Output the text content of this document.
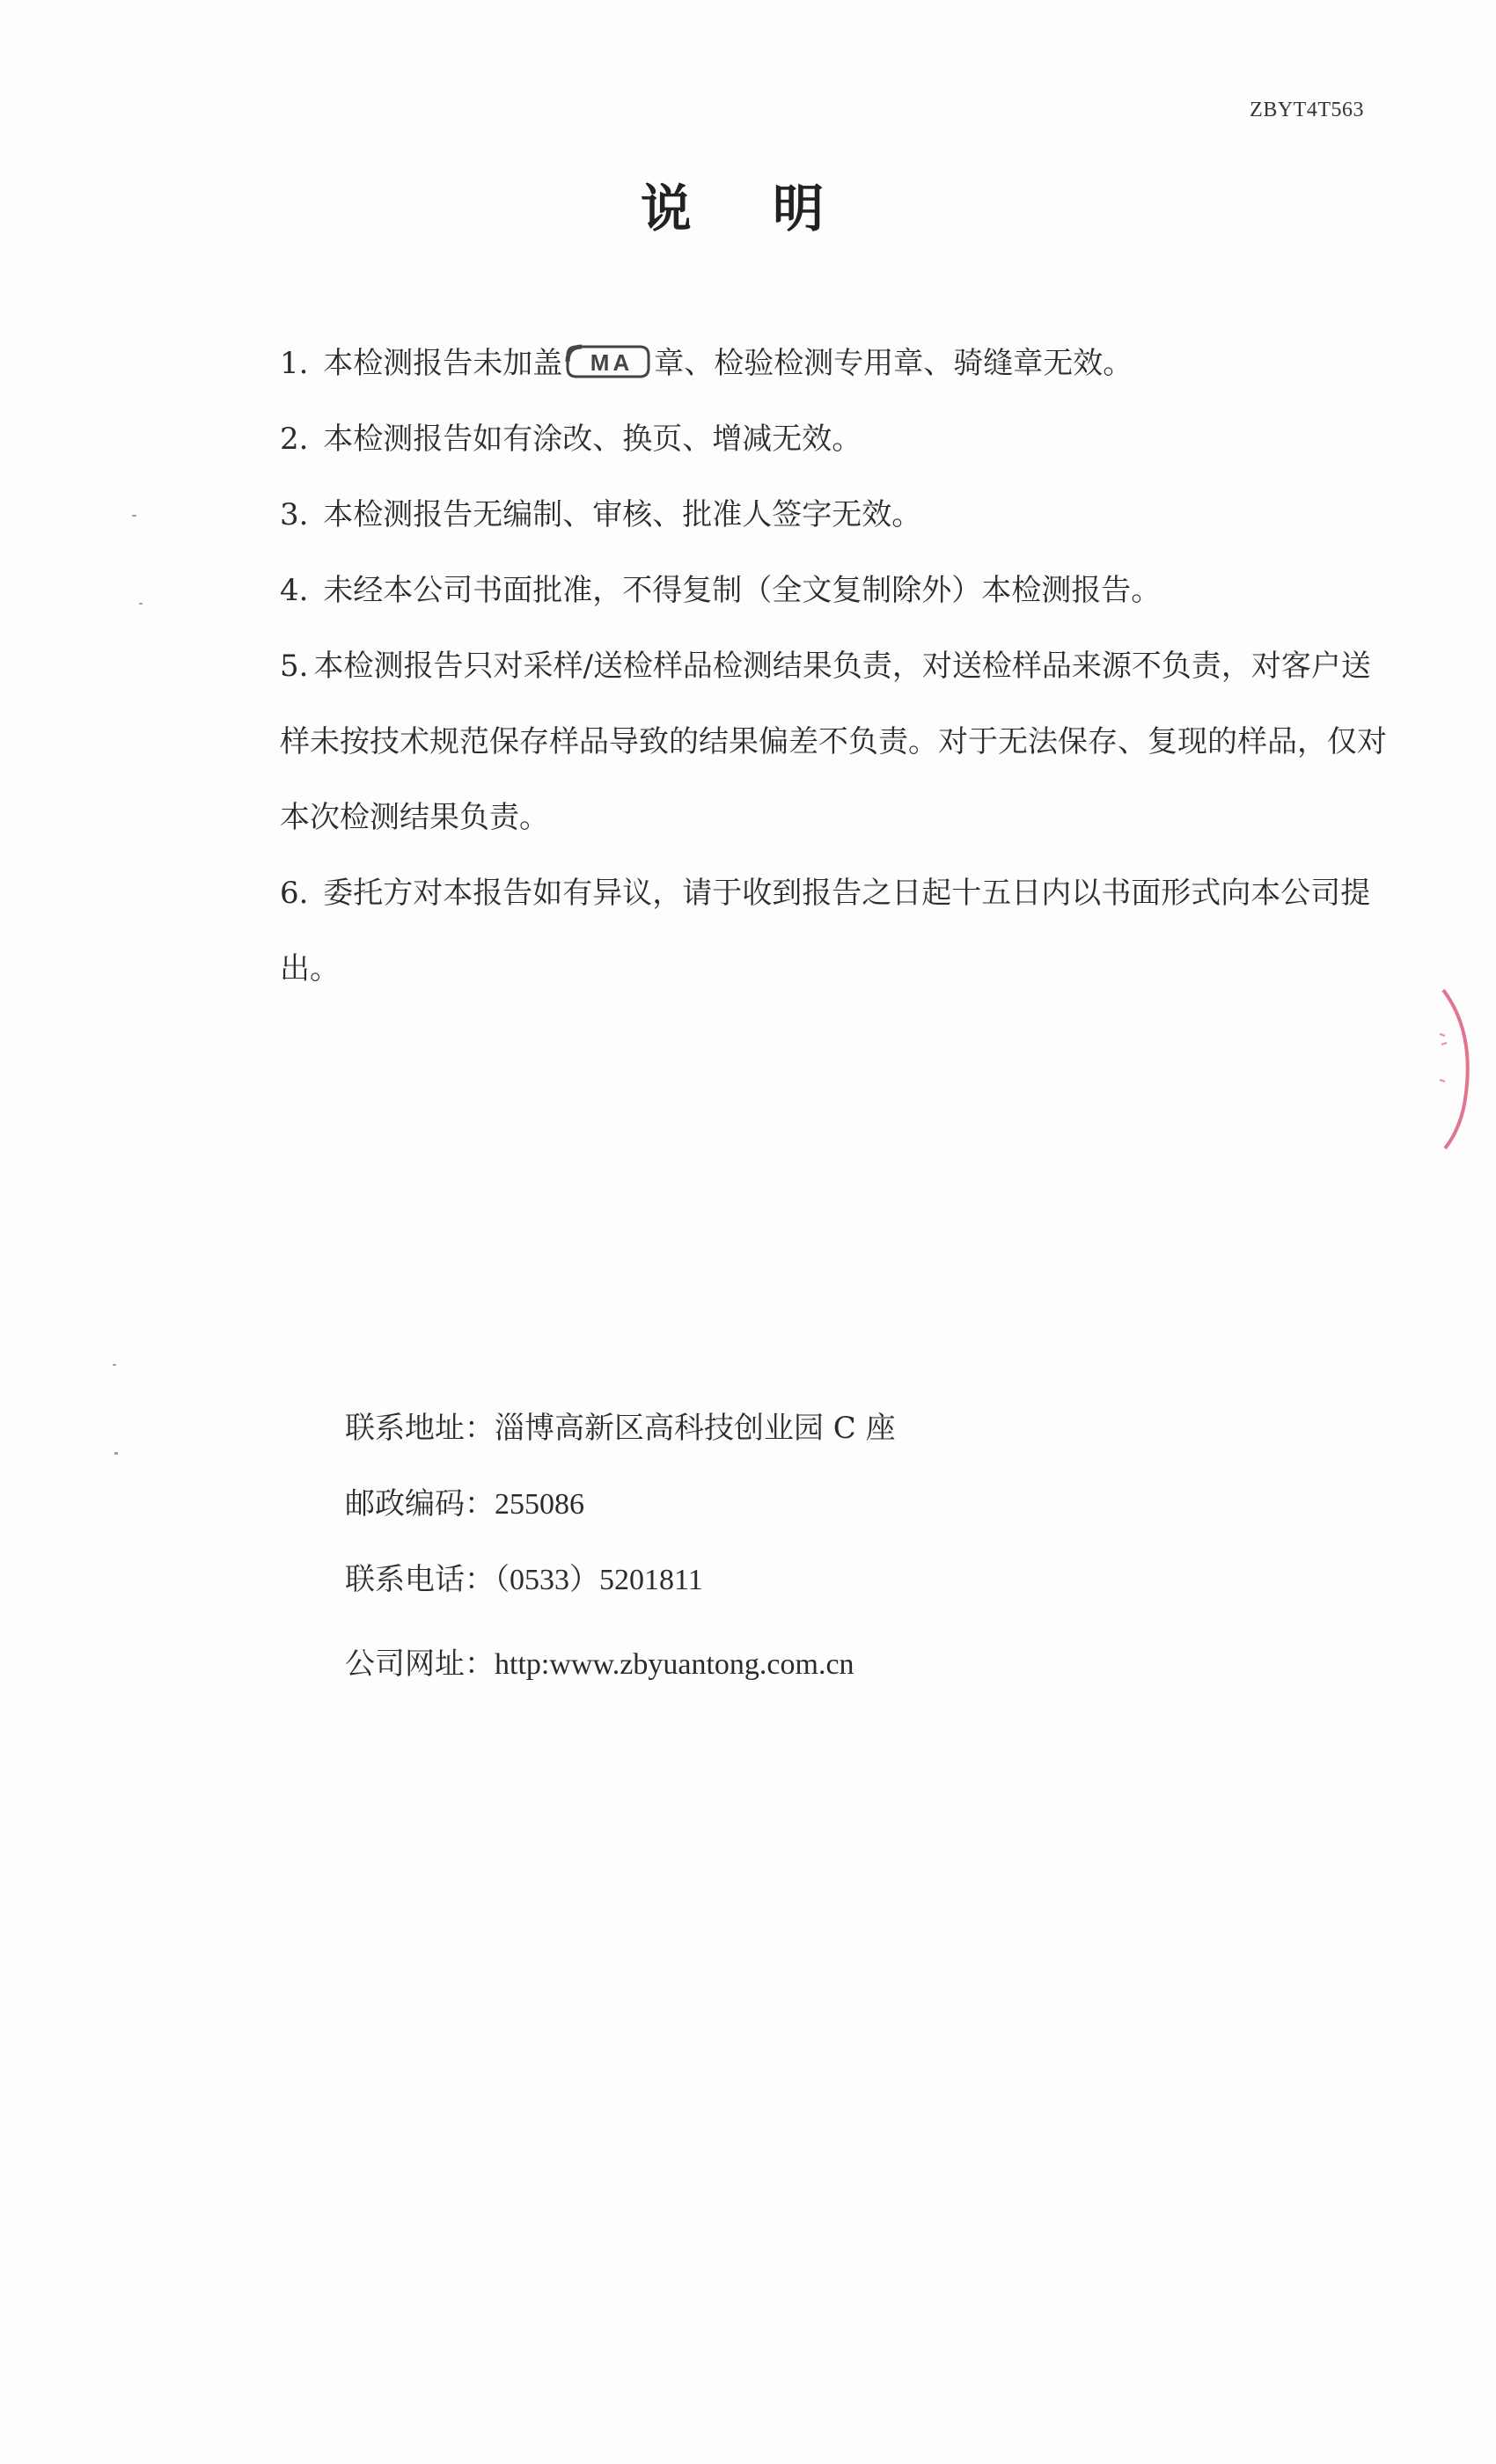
ZBYT4T563
说 明

1. 本检测报告未加盖 MA 章、检验检测专用章、骑缝章无效。

2. 本检测报告如有涂改、换页、增减无效。

3. 本检测报告无编制、审核、批准人签字无效。

4. 未经本公司书面批准，不得复制（全文复制除外）本检测报告。

5. 本检测报告只对采样/送检样品检测结果负责，对送检样品来源不负责，对客户送样未按技术规范保存样品导致的结果偏差不负责。对于无法保存、复现的样品，仅对本次检测结果负责。

6. 委托方对本报告如有异议，请于收到报告之日起十五日内以书面形式向本公司提出。

联系地址：淄博高新区高科技创业园 C 座
邮政编码：255086
联系电话：（0533）5201811
公司网址：http:www.zbyuantong.com.cn
